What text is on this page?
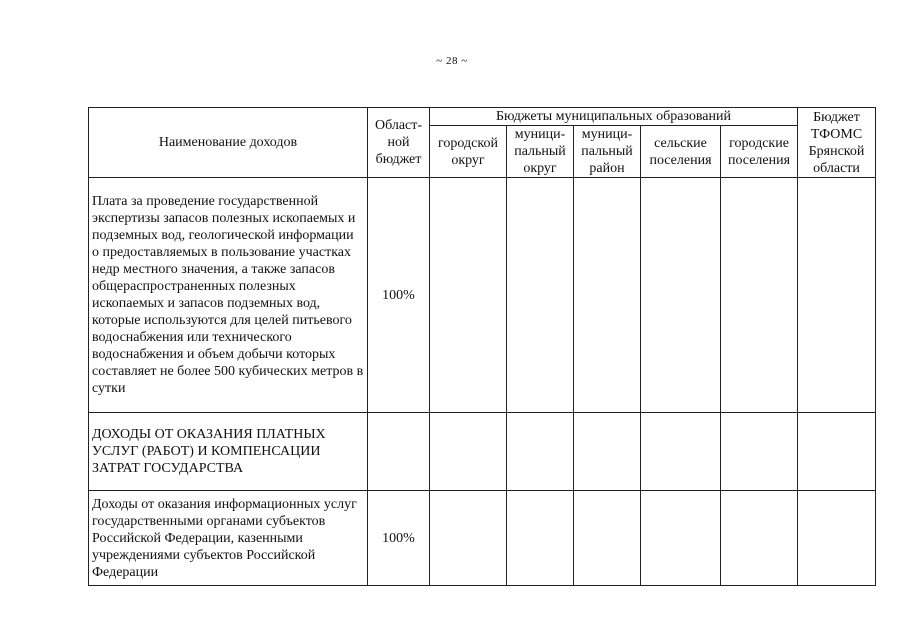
~ 28 ~
Наименование доходов	Област-ной бюджет	Бюджеты муниципальных образований					Бюджет ТФОМС Брянской области
		городской округ	муници-пальный округ	муници-пальный район	сельские поселения	городские поселения	
Плата за проведение государственной экспертизы запасов полезных ископаемых и подземных вод, геологической информации о предоставляемых в пользование участках недр местного значения, а также запасов общераспространенных полезных ископаемых и запасов подземных вод, которые используются для целей питьевого водоснабжения или технического водоснабжения и объем добычи которых составляет не более 500 кубических метров в сутки	100%						
ДОХОДЫ ОТ ОКАЗАНИЯ ПЛАТНЫХ УСЛУГ (РАБОТ) И КОМПЕНСАЦИИ ЗАТРАТ ГОСУДАРСТВА							
Доходы от оказания информационных услуг государственными органами субъектов Российской Федерации, казенными учреждениями субъектов Российской Федерации	100%						
